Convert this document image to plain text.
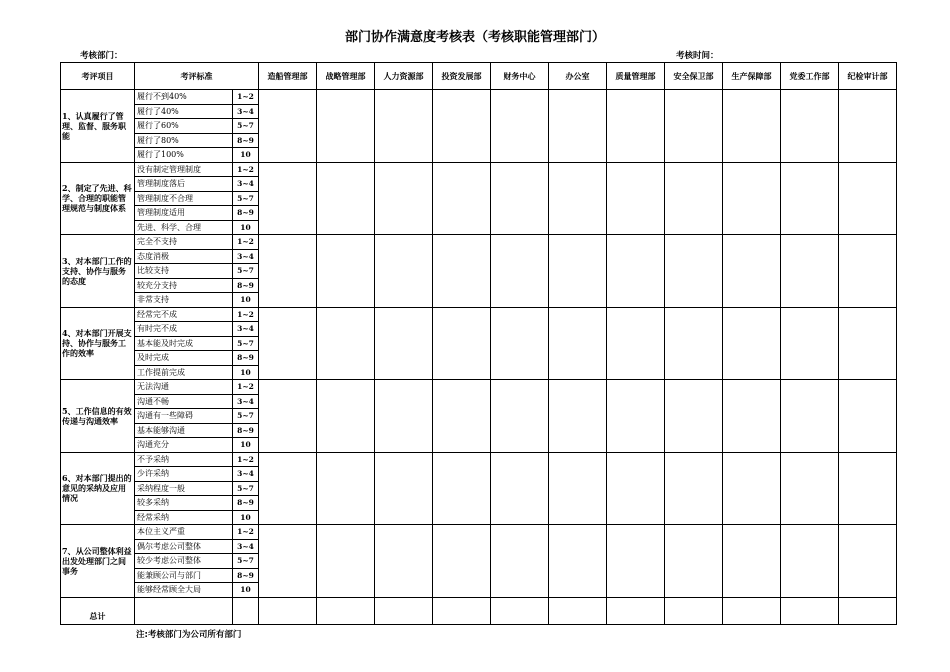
部门协作满意度考核表（考核职能管理部门）
考核部门：	考核时间：
考评项目	考评标准		造船管理部	战略管理部	人力资源部	投资发展部	财务中心	办公室	质量管理部	安全保卫部	生产保障部	党委工作部	纪检审计部
1、认真履行了管理、监督、服务职能	履行不到40%	1~2											
	履行了40%	3~4											
	履行了60%	5~7											
	履行了80%	8~9											
	履行了100%	10											
2、制定了先进、科学、合理的职能管理规范与制度体系	没有制定管理制度	1~2											
	管理制度落后	3~4											
	管理制度不合理	5~7											
	管理制度适用	8~9											
	先进、科学、合理	10											
3、对本部门工作的支持、协作与服务的态度	完全不支持	1~2											
	态度消极	3~4											
	比较支持	5~7											
	较充分支持	8~9											
	非常支持	10											
4、对本部门开展支持、协作与服务工作的效率	经常完不成	1~2											
	有时完不成	3~4											
	基本能及时完成	5~7											
	及时完成	8~9											
	工作提前完成	10											
5、工作信息的有效传递与沟通效率	无法沟通	1~2											
	沟通不畅	3~4											
	沟通有一些障碍	5~7											
	基本能够沟通	8~9											
	沟通充分	10											
6、对本部门提出的意见的采纳及应用情况	不予采纳	1~2											
	少许采纳	3~4											
	采纳程度一般	5~7											
	较多采纳	8~9											
	经常采纳	10											
7、从公司整体利益出发处理部门之间事务	本位主义严重	1~2											
	偶尔考虑公司整体	3~4											
	较少考虑公司整体	5~7											
	能兼顾公司与部门	8~9											
	能够经常顾全大局	10											
总计													
注:考核部门为公司所有部门
